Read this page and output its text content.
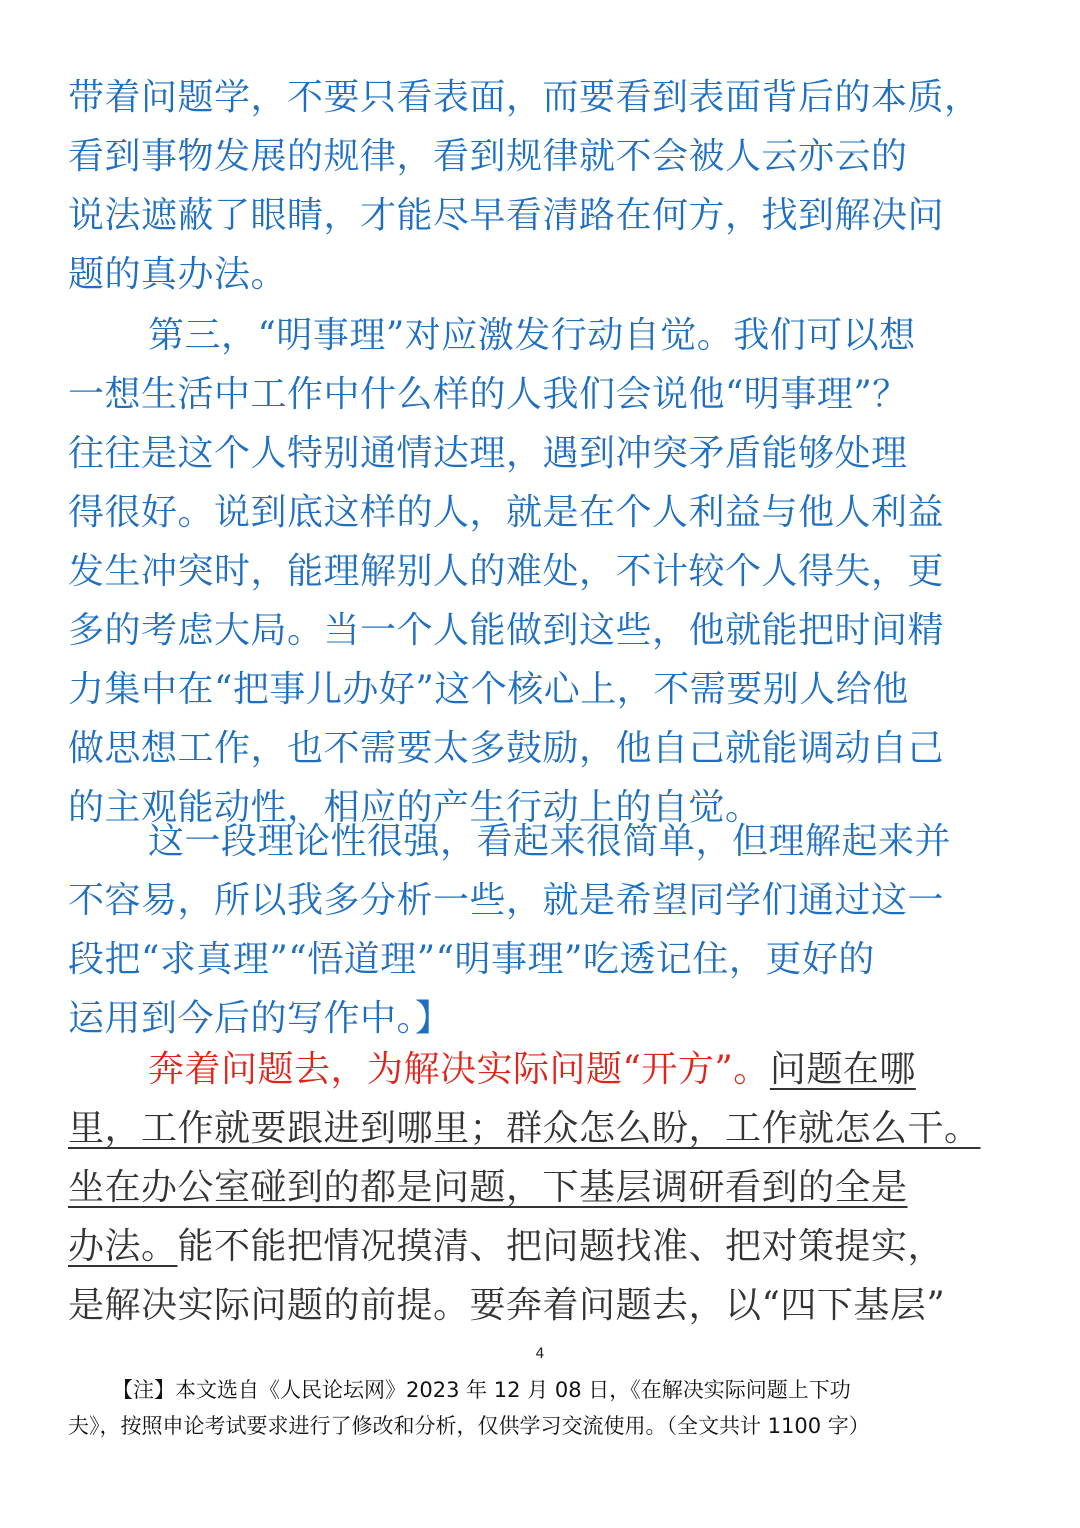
带着问题学，不要只看表面，而要看到表面背后的本质，
看到事物发展的规律，看到规律就不会被人云亦云的
说法遮蔽了眼睛，才能尽早看清路在何方，找到解决问
题的真办法。
第三，“明事理”对应激发行动自觉。我们可以想
一想生活中工作中什么样的人我们会说他“明事理”？
往往是这个人特别通情达理，遇到冲突矛盾能够处理
得很好。说到底这样的人，就是在个人利益与他人利益
发生冲突时，能理解别人的难处，不计较个人得失，更
多的考虑大局。当一个人能做到这些，他就能把时间精
力集中在“把事儿办好”这个核心上，不需要别人给他
做思想工作，也不需要太多鼓励，他自己就能调动自己
的主观能动性，相应的产生行动上的自觉。
这一段理论性很强，看起来很简单，但理解起来并
不容易，所以我多分析一些，就是希望同学们通过这一
段把“求真理”“悟道理”“明事理”吃透记住，更好的
运用到今后的写作中。】
奔着问题去，为解决实际问题“开方”。问题在哪
里，工作就要跟进到哪里；群众怎么盼，工作就怎么干。
坐在办公室碰到的都是问题，下基层调研看到的全是
办法。能不能把情况摸清、把问题找准、把对策提实，
是解决实际问题的前提。要奔着问题去，以“四下基层”
4
【注】本文选自《人民论坛网》2023 年 12 月 08 日，《在解决实际问题上下功
夫》，按照申论考试要求进行了修改和分析，仅供学习交流使用。（全文共计 1100 字）
